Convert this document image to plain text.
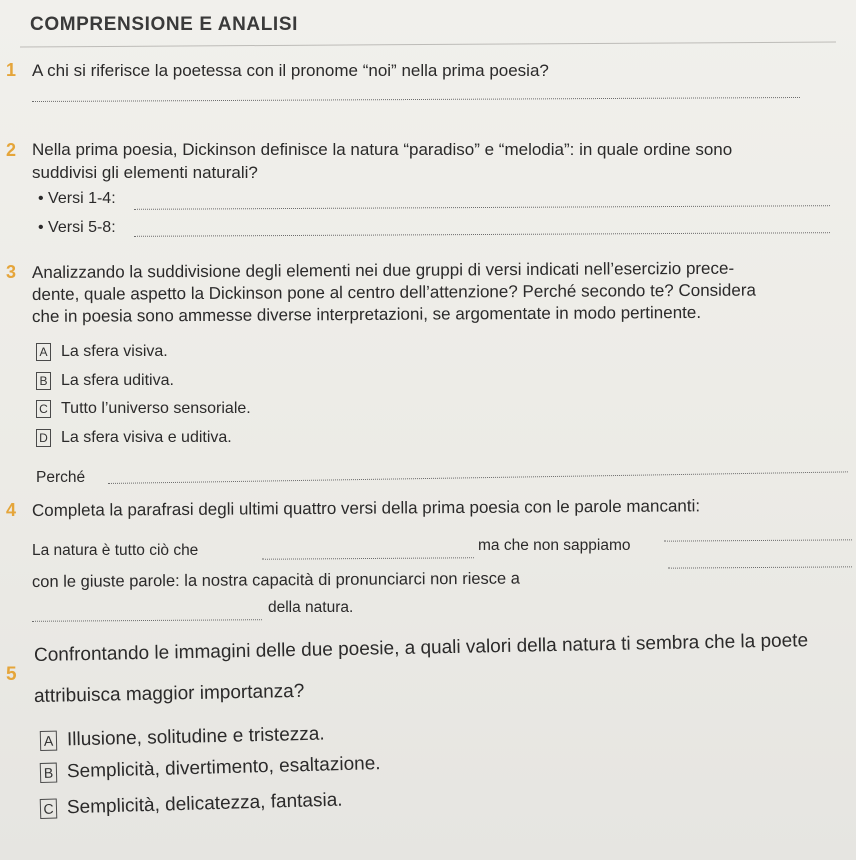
COMPRENSIONE E ANALISI
1 A chi si riferisce la poetessa con il pronome “noi” nella prima poesia?
2 Nella prima poesia, Dickinson definisce la natura “paradiso” e “melodia”: in quale ordine sono
suddivisi gli elementi naturali?
• Versi 1-4:
• Versi 5-8:
3 Analizzando la suddivisione degli elementi nei due gruppi di versi indicati nell’esercizio prece-
dente, quale aspetto la Dickinson pone al centro dell’attenzione? Perché secondo te? Considera
che in poesia sono ammesse diverse interpretazioni, se argomentate in modo pertinente.
A La sfera visiva.
B La sfera uditiva.
C Tutto l’universo sensoriale.
D La sfera visiva e uditiva.
Perché
4 Completa la parafrasi degli ultimi quattro versi della prima poesia con le parole mancanti:
La natura è tutto ciò che	ma che non sappiamo
con le giuste parole: la nostra capacità di pronunciarci non riesce a
della natura.
5
Confrontando le immagini delle due poesie, a quali valori della natura ti sembra che la poete
attribuisca maggior importanza?
A Illusione, solitudine e tristezza.
B Semplicità, divertimento, esaltazione.
C Semplicità, delicatezza, fantasia.
